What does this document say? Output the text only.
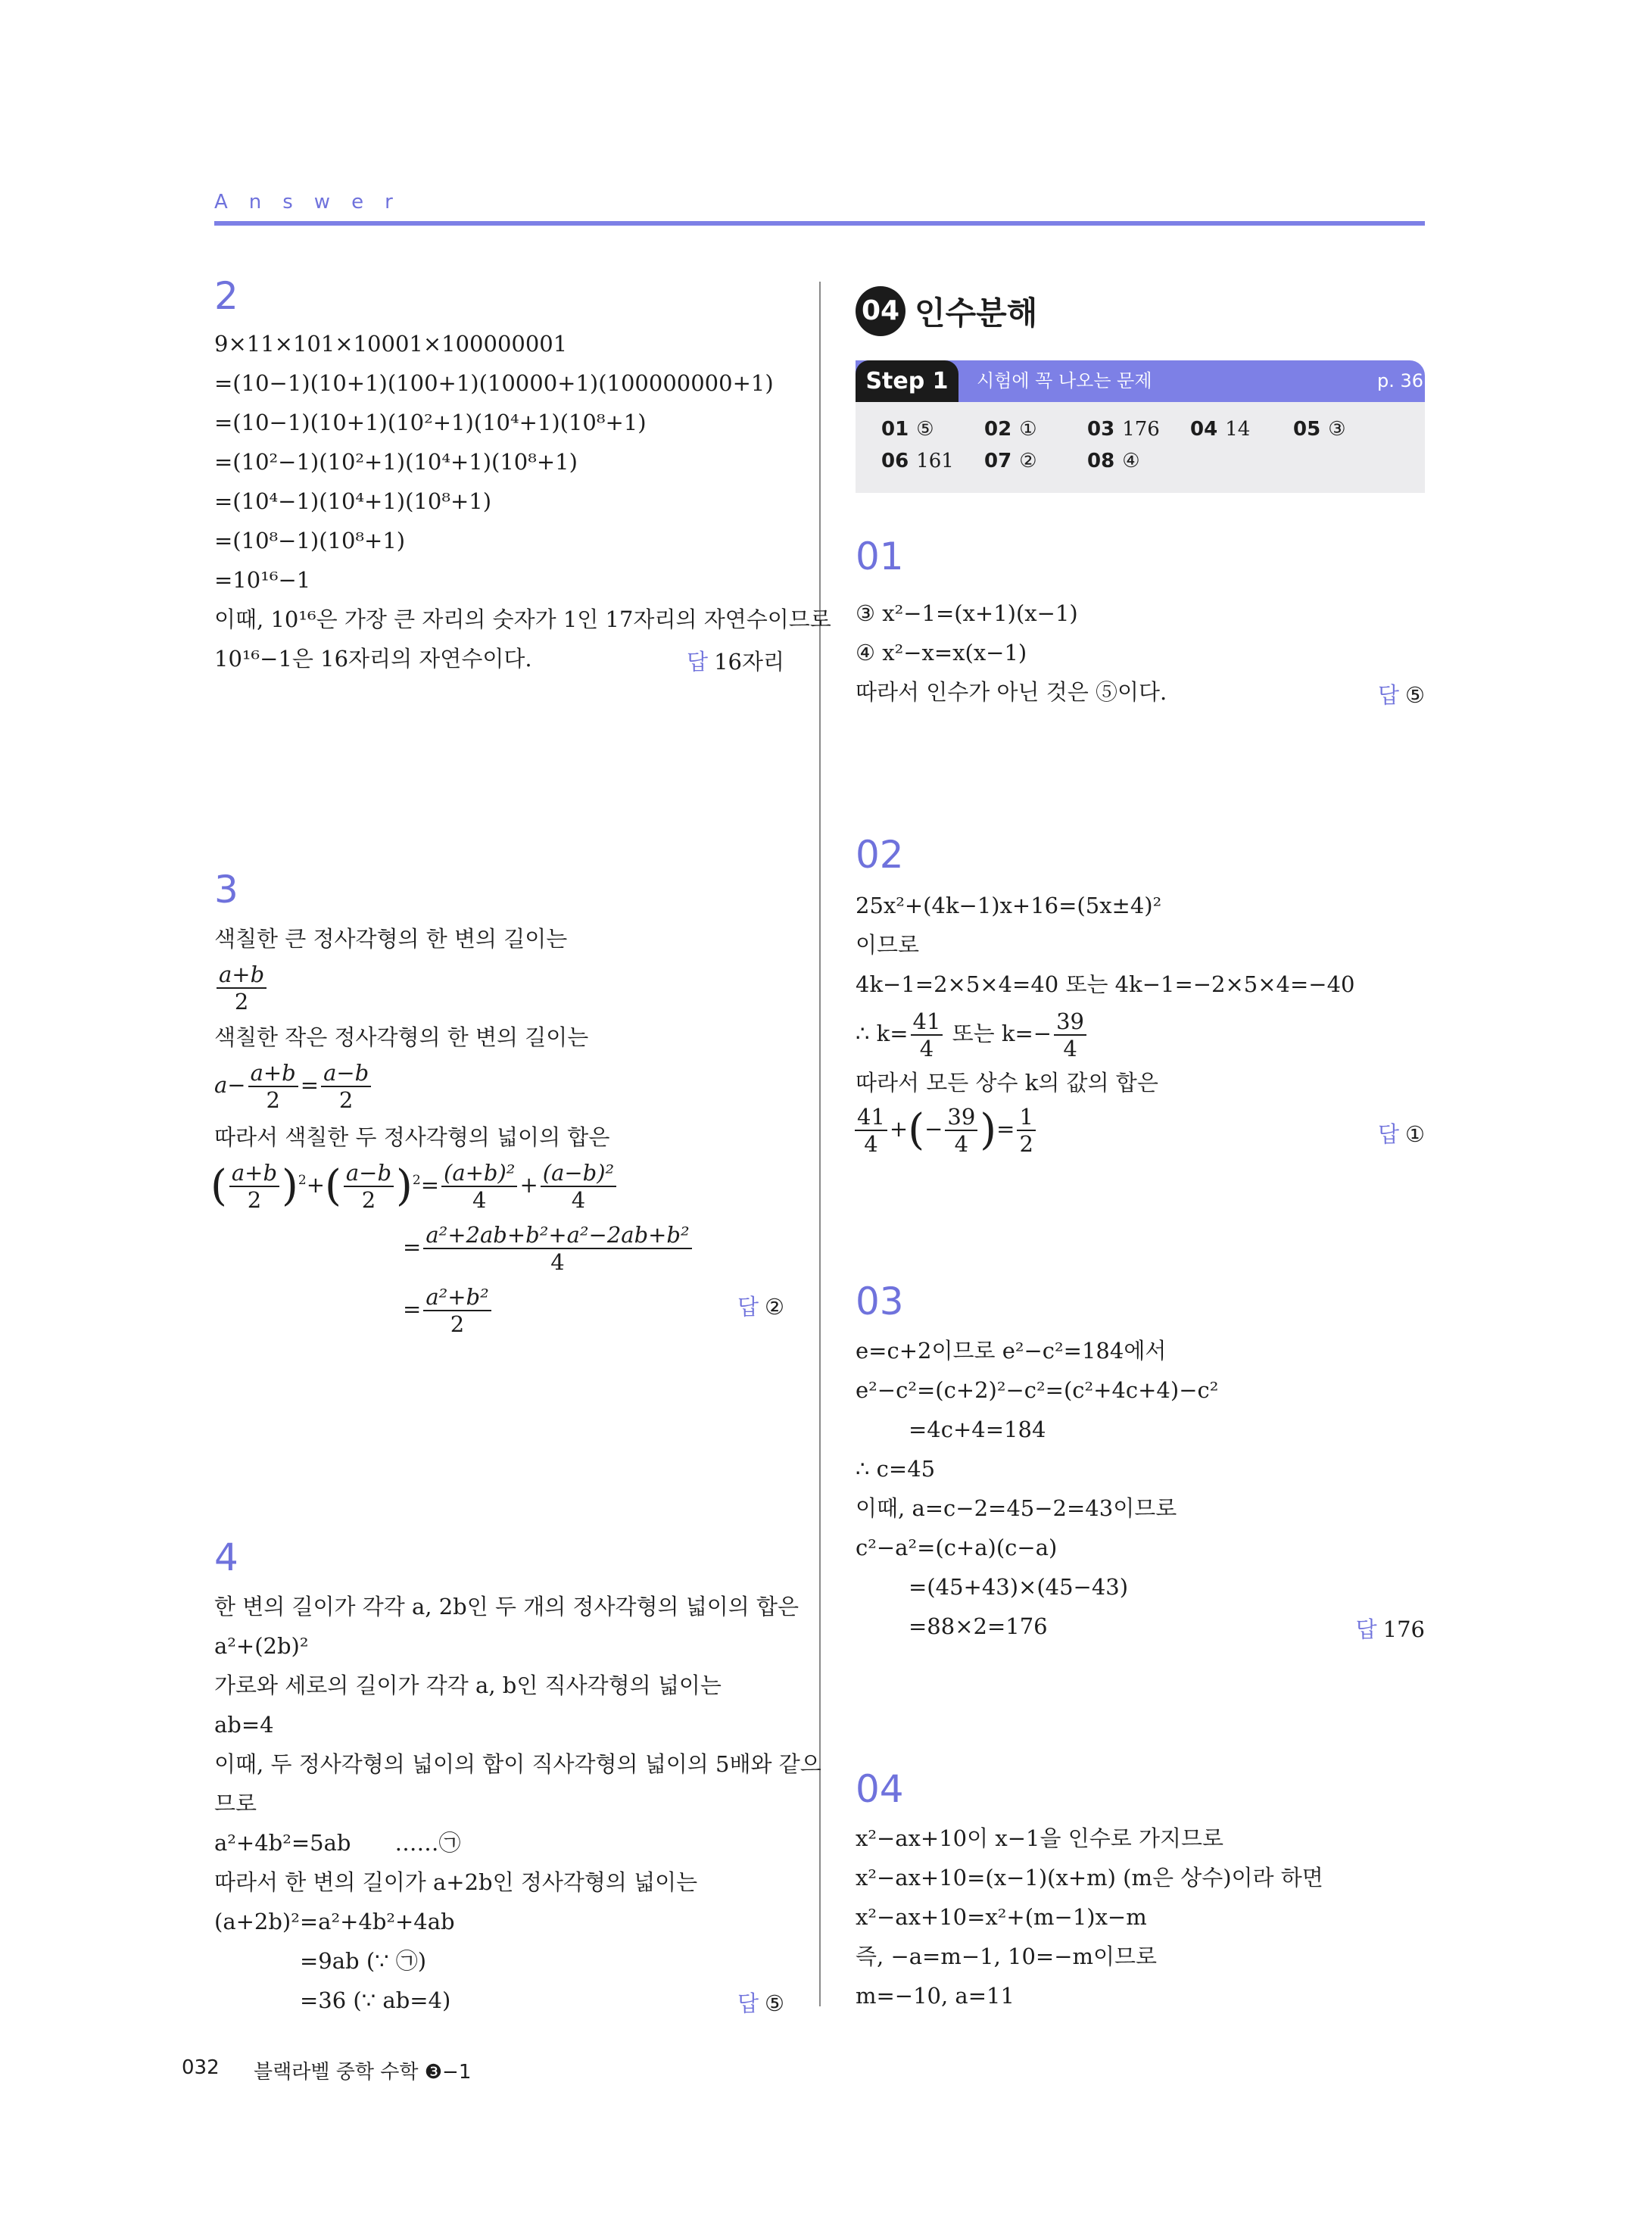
Answer
2
9×11×101×10001×100000001
=(10−1)(10+1)(100+1)(10000+1)(100000000+1)
=(10−1)(10+1)(10²+1)(10⁴+1)(10⁸+1)
=(10²−1)(10²+1)(10⁴+1)(10⁸+1)
=(10⁴−1)(10⁴+1)(10⁸+1)
=(10⁸−1)(10⁸+1)
=10¹⁶−1
이때, 10¹⁶은 가장 큰 자리의 숫자가 1인 17자리의 자연수이므로
10¹⁶−1은 16자리의 자연수이다.	답 16자리
3
색칠한 큰 정사각형의 한 변의 길이는
$\frac{a+b}{2}$
색칠한 작은 정사각형의 한 변의 길이는
$a- \frac{a+b}{2} = \frac{a-b}{2}$
따라서 색칠한 두 정사각형의 넓이의 합은
( $\frac{a+b}{2} )^2+( \frac{a-b}{2} )^2= \frac{\text{(a+b)²}}{4} + \frac{\text{(a−b)²}}{4}$
= $\frac{\text{a²+2ab+b²+a²−2ab+b²}}{4}$
= $\frac{\text{a²+b²}}{2}$	답 ②
4
한 변의 길이가 각각 a, 2b인 두 개의 정사각형의 넓이의 합은
a²+(2b)²
가로와 세로의 길이가 각각 a, b인 직사각형의 넓이는
ab=4
이때, 두 정사각형의 넓이의 합이 직사각형의 넓이의 5배와 같으
므로
a²+4b²=5ab　　……㉠
따라서 한 변의 길이가 a+2b인 정사각형의 넓이는
(a+2b)²=a²+4b²+4ab
=9ab (∵ ㉠)
=36 (∵ ab=4)	답 ⑤
04 인수분해
Step 1	시험에 꼭 나오는 문제	p. 36
01 ⑤	02 ①	03 176 04 14 05 ③
06 161 07 ②	08 ④
01
③ x²−1=(x+1)(x−1)
④ x²−x=x(x−1)
따라서 인수가 아닌 것은 ⑤이다.	답 ⑤
02
25x²+(4k−1)x+16=(5x±4)²
이므로
4k−1=2×5×4=40 또는 4k−1=−2×5×4=−40
∴ $k= \frac{41}{4}$ 또는 $k=- \frac{39}{4}$
따라서 모든 상수 k의 값의 합은
$\frac{41}{4}$ +(− $\frac{39}{4}$ )= $\frac{1}{2}$	답 ①
03
e=c+2이므로 e²−c²=184에서
e²−c²=(c+2)²−c²=(c²+4c+4)−c²
=4c+4=184
∴ c=45
이때, a=c−2=45−2=43이므로
c²−a²=(c+a)(c−a)
=(45+43)×(45−43)
=88×2=176	답 176
04
x²−ax+10이 x−1을 인수로 가지므로
x²−ax+10=(x−1)(x+m) (m은 상수)이라 하면
x²−ax+10=x²+(m−1)x−m
즉, −a=m−1, 10=−m이므로
m=−10, a=11
032 블랙라벨 중학 수학 ❸−1
